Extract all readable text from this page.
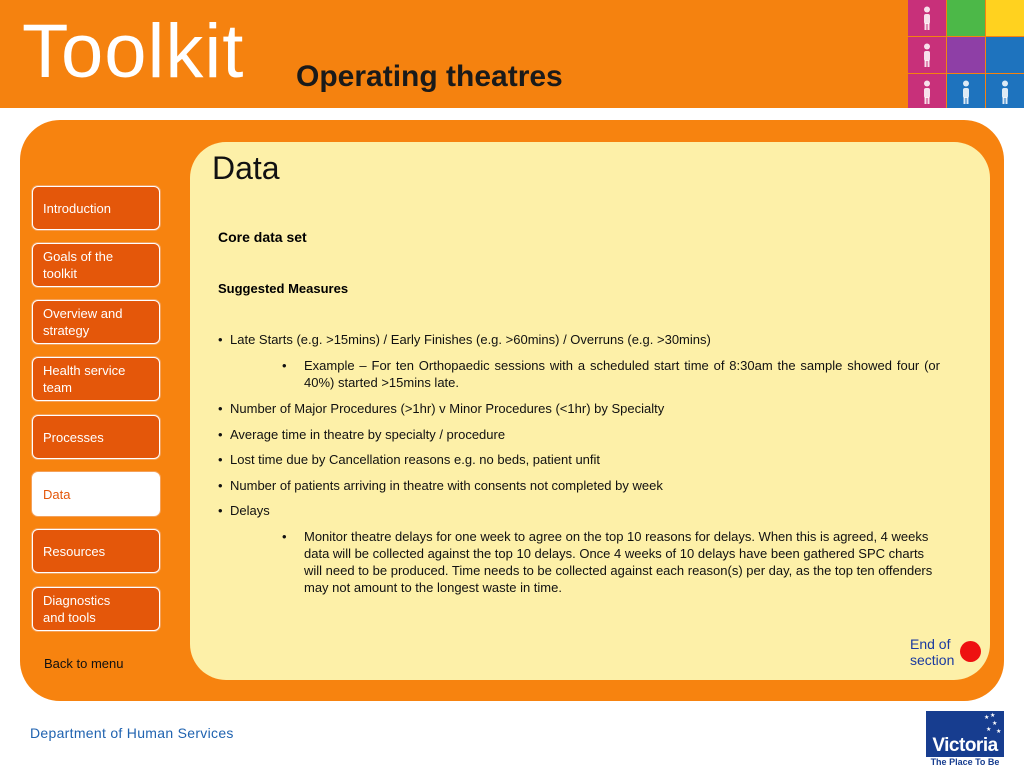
Toolkit Operating theatres
Data
Introduction
Goals of the
toolkit
Overview and
strategy
Health service
team
Processes
Data
Resources
Diagnostics
and tools
Back to menu
Core data set
Suggested Measures
• Late Starts (e.g. >15mins) / Early Finishes (e.g. >60mins) / Overruns (e.g. >30mins)
• Example – For ten Orthopaedic sessions with a scheduled start time of 8:30am the sample showed four (or 40%) started >15mins late.
• Number of Major Procedures (>1hr) v Minor Procedures (<1hr) by Specialty
• Average time in theatre by specialty / procedure
• Lost time due by Cancellation reasons e.g. no beds, patient unfit
• Number of patients arriving in theatre with consents not completed by week
• Delays
• Monitor theatre delays for one week to agree on the top 10 reasons for delays. When this is agreed, 4 weeks data will be collected against the top 10 delays. Once 4 weeks of 10 delays have been gathered SPC charts will need to be produced. Time needs to be collected against each reason(s) per day, as the top ten offenders may not amount to the longest waste in time.
End of
section
Department of Human Services
★
★
★ ★
★
Victoria
The Place To Be
